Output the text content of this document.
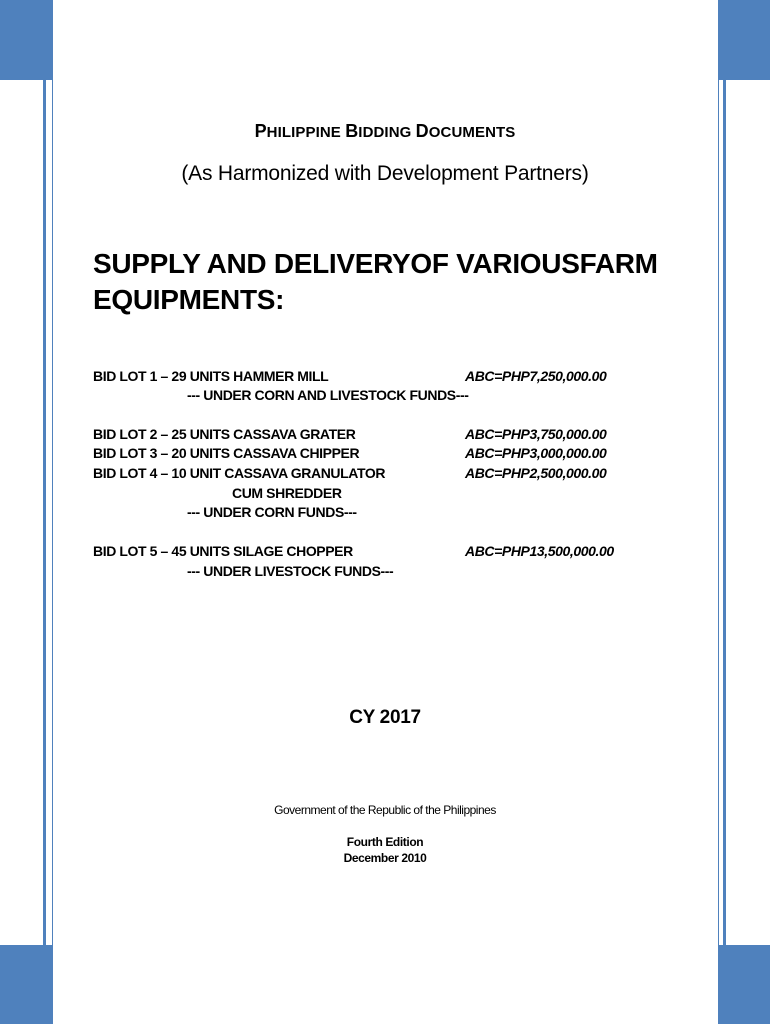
PHILIPPINE BIDDING DOCUMENTS
(As Harmonized with Development Partners)
SUPPLY AND DELIVERYOF VARIOUSFARM
EQUIPMENTS:
BID LOT 1 – 29 UNITS HAMMER MILL	ABC=PHP7,250,000.00
--- UNDER CORN AND LIVESTOCK FUNDS---
BID LOT 2 – 25 UNITS CASSAVA GRATER	ABC=PHP3,750,000.00
BID LOT 3 – 20 UNITS CASSAVA CHIPPER	ABC=PHP3,000,000.00
BID LOT 4 – 10 UNIT CASSAVA GRANULATOR	ABC=PHP2,500,000.00
CUM SHREDDER
--- UNDER CORN FUNDS---
BID LOT 5 – 45 UNITS SILAGE CHOPPER	ABC=PHP13,500,000.00
--- UNDER LIVESTOCK FUNDS---
CY 2017
Government of the Republic of the Philippines
Fourth Edition
December 2010
